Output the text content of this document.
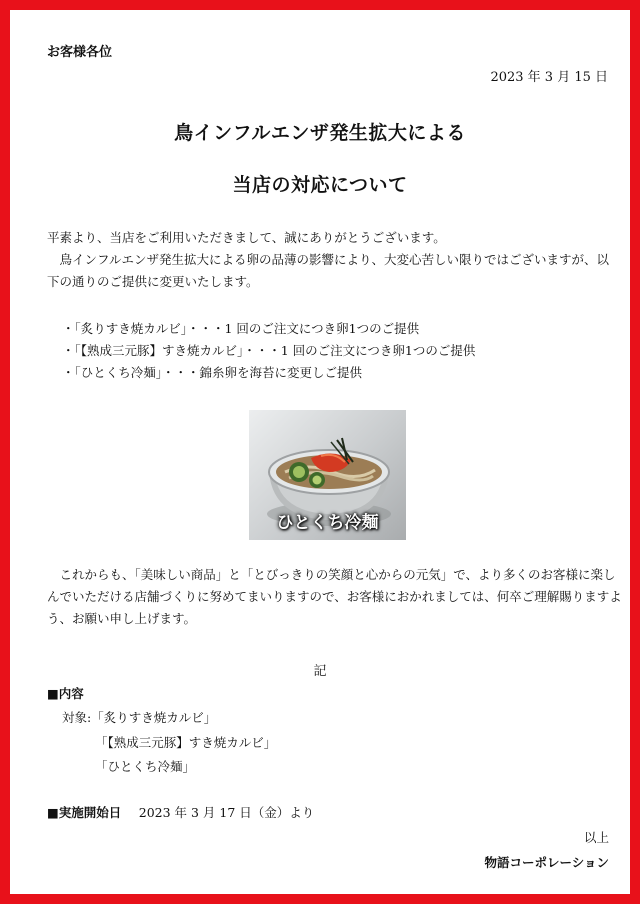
お客様各位
2023 年 3 月 15 日
鳥インフルエンザ発生拡大による
当店の対応について
平素より、当店をご利用いただきまして、誠にありがとうございます。
　鳥インフルエンザ発生拡大による卵の品薄の影響により、大変心苦しい限りではございますが、以下の通りのご提供に変更いたします。
・「炙りすき焼カルビ」・・・1 回のご注文につき卵1つのご提供
・「【熟成三元豚】すき焼カルビ」・・・1 回のご注文につき卵1つのご提供
・「ひとくち冷麺」・・・錦糸卵を海苔に変更しご提供
ひとくち冷麺
　これからも、「美味しい商品」と「とびっきりの笑顔と心からの元気」で、より多くのお客様に楽しんでいただける店舗づくりに努めてまいりますので、お客様におかれましては、何卒ご理解賜りますよう、お願い申し上げます。
記
■内容
対象:「炙りすき焼カルビ」
「【熟成三元豚】すき焼カルビ」
「ひとくち冷麺」
■実施開始日 2023 年 3 月 17 日（金）より
以上
物語コーポレーション
